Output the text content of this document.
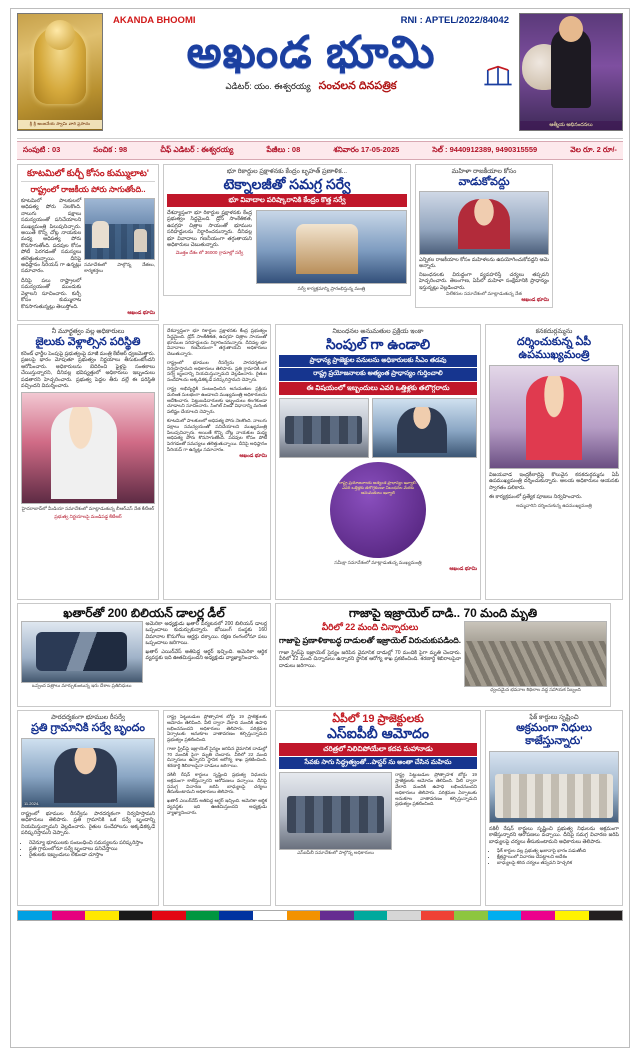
శ్రీ శ్రీ ఆంజనేయ స్వామి వారి ప్రసాదం
AKANDA BHOOMI	RNI : APTEL/2022/84042
అఖండ భూమి
ఎడిటర్: యం. ఈశ్వరయ్య సంచలన దినపత్రిక
ఆత్మీయ అభినందనలు
సంపుటి : 03	సంచిక : 98	చీఫ్ ఎడిటర్ : ఈశ్వరయ్య	పేజీలు : 08	శనివారం 17-05-2025	సెల్ : 9440912389, 9490315559	వెల రూ. 2 రూ/-
కూటమిలో కుర్చీ కోసం కుమ్ములాట'
రాష్ట్రంలో రాజకీయ పోరు సాగుతోంది..
కూటమిలో పాలకులలో ఆధిపత్య పోరు నెలకొంది. నాలుగు పక్షాలు సమన్వయంతో పనిచేయాలని ముఖ్యమంత్రి పిలుపునిచ్చారు. అయితే కొన్ని చోట్ల నాయకుల మధ్య ఆధిపత్య పోరు కొనసాగుతోంది. పదవుల కోసం పోటీ పెరగడంతో సమస్యలు తలెత్తుతున్నాయి. దీనిపై అధిష్ఠానం సీరియస్ గా ఉన్నట్లు సమాచారం.
దీనిపై పలు రాష్ట్రాలలో సమన్వయంతో ముందుకు వెళ్లాలని సూచించారు. కుర్చీ కోసం కుమ్ములాట కొనసాగుతున్నట్లు తెలుస్తోంది.
సమావేశంలో పాల్గొన్న నేతలు, కార్యకర్తలు
ఆఖండ భూమి
భూ రికార్డుల ప్రక్షాళనకు కేంద్రం బృహత్ ప్రణాళిక...
టెక్నాలజీతో సమగ్ర సర్వే
భూ వివాదాల పరిష్కారానికి కేంద్రం కొత్త సర్వే
దేశవ్యాప్తంగా భూ రికార్డుల ప్రక్షాళనకు కేంద్ర ప్రభుత్వం సిద్ధమైంది. డ్రోన్ సాంకేతికత, ఉపగ్రహ చిత్రాల సాయంతో భూముల సరిహద్దులను నిర్ధారించనున్నారు. దీనివల్ల భూ వివాదాలు గణనీయంగా తగ్గుతాయని అధికారులు చెబుతున్నారు.
మొత్తం దేశం లో 36000 గ్రామాల్లో సర్వే
సర్వే కార్యక్రమాన్ని ప్రారంభిస్తున్న మంత్రి
మహిళా రాజకీయాల కోసం
వాడుకోవద్దు
ఎన్నికల రాజకీయాల కోసం మహిళలను ఉపయోగించుకోవద్దని ఆమె అన్నారు.
నిబంధనలకు విరుద్ధంగా వ్యవహరిస్తే చర్యలు తప్పవని హెచ్చరించారు. తెలంగాణ, ఏపీలో మహిళా సంక్షేమానికి ప్రాధాన్యం ఇస్తున్నట్లు వెల్లడించారు.
విలేకరుల సమావేశంలో మాట్లాడుతున్న నేత
ఆఖండ భూమి
నీ మూర్ఖత్వం వల్ల అధికారులు
జైలుకు వెళ్లాల్సిన పరిస్థితి
కరెంట్ ఛార్జీల పెంపుపై ప్రభుత్వంపై మాజీ మంత్రి కేటీఆర్ ధ్వజమెత్తారు. ప్రజలపై భారం మోపుతూ ప్రభుత్వం నిర్ణయాలు తీసుకుంటోందని ఆరోపించారు. అధికారులను బెదిరించి ఫైళ్లపై సంతకాలు చేయిస్తున్నారని, దీనివల్ల భవిష్యత్తులో అధికారులు ఇబ్బందులు పడతారని హెచ్చరించారు. ప్రభుత్వ పెద్దల తీరు వల్లే ఈ పరిస్థితి వచ్చిందని విమర్శించారు.
హైదరాబాద్‌లో మీడియా సమావేశంలో మాట్లాడుతున్న బీఆర్ఎస్ నేత కేటీఆర్
ప్రభుత్వ నిర్ణయాలపై మండిపడ్డ కేటీఆర్
దేశవ్యాప్తంగా భూ రికార్డుల ప్రక్షాళనకు కేంద్ర ప్రభుత్వం సిద్ధమైంది. డ్రోన్ సాంకేతికత, ఉపగ్రహ చిత్రాల సాయంతో భూముల సరిహద్దులను నిర్ధారించనున్నారు. దీనివల్ల భూ వివాదాలు గణనీయంగా తగ్గుతాయని అధికారులు చెబుతున్నారు.
రాష్ట్రంలో భూముల రీసర్వేను పారదర్శకంగా నిర్వహిస్తామని అధికారులు తెలిపారు. ప్రతి గ్రామానికి ఒక సర్వే బృందాన్ని నియమిస్తున్నామని వెల్లడించారు. రైతుల సందేహాలను అక్కడికక్కడే పరిష్కరిస్తామని చెప్పారు.
రాష్ట్ర అభివృద్ధికి సంబంధించిన అనుమతుల ప్రక్రియ మరింత సులభంగా ఉండాలని ముఖ్యమంత్రి అధికారులను ఆదేశించారు. పెట్టుబడిదారులకు ఇబ్బందులు కలగకుండా చూడాలని సూచించారు. సింగిల్ విండో విధానాన్ని మరింత పటిష్టం చేయాలని చెప్పారు.
కూటమిలో పాలకులలో ఆధిపత్య పోరు నెలకొంది. నాలుగు పక్షాలు సమన్వయంతో పనిచేయాలని ముఖ్యమంత్రి పిలుపునిచ్చారు. అయితే కొన్ని చోట్ల నాయకుల మధ్య ఆధిపత్య పోరు కొనసాగుతోంది. పదవుల కోసం పోటీ పెరగడంతో సమస్యలు తలెత్తుతున్నాయి. దీనిపై అధిష్ఠానం సీరియస్ గా ఉన్నట్లు సమాచారం.
ఆఖండ భూమి
నిబంధనల అనుమతుల ప్రక్రియ ఇంకా
సింపుల్ గా ఉండాలి
ప్రాధాన్య ప్రాజెక్టుల పనులను అధికారులకు సీఎం తడవు
రాష్ట్ర ప్రయోజనాలకు అత్యంత ప్రాధాన్యం గుర్తించాలి
ఈ విషయంలో ఇబ్బందులు ఎవరి ఒత్తిళ్లకు తలొగ్గరాదు
రాష్ట్ర ప్రయోజనాలకు అత్యంత ప్రాధాన్యం ఇవ్వాలి. ఎవరి ఒత్తిళ్లకు తలొగ్గకుండా నిబంధనల మేరకు అనుమతులు ఇవ్వాలి
సమీక్షా సమావేశంలో మాట్లాడుతున్న ముఖ్యమంత్రి
ఆఖండ భూమి
కనకదుర్గమ్మను
దర్శించుకున్న ఏపీ ఉపముఖ్యమంత్రి
విజయవాడ ఇంద్రకీలాద్రిపై కొలువైన కనకదుర్గమ్మను ఏపీ ఉపముఖ్యమంత్రి దర్శించుకున్నారు. ఆలయ అధికారులు ఆయనకు స్వాగతం పలికారు.
ఈ కార్యక్రమంలో ప్రత్యేక పూజలు నిర్వహించారు.
అమ్మవారిని దర్శించుకున్న ఉపముఖ్యమంత్రి
ఖతార్‌తో 200 బిలియన్ డాలర్ల డీల్
ఒప్పంద పత్రాలు మార్చుకుంటున్న ఇరు దేశాల ప్రతినిధులు
అమెరికా అధ్యక్షుడు ఖతార్ పర్యటనలో 200 బిలియన్ డాలర్ల ఒప్పందాలు కుదుర్చుకున్నారు. బోయింగ్ సంస్థకు 160 విమానాల కొనుగోలు ఆర్డర్లు దక్కాయి. రక్షణ రంగంలోనూ పలు ఒప్పందాలు జరిగాయి.
ఖతార్ ఎయిర్‌వేస్ అతిపెద్ద ఆర్డర్ ఇచ్చింది. అమెరికా ఆర్థిక వ్యవస్థకు ఇది ఊతమిస్తుందని అధ్యక్షుడు వ్యాఖ్యానించారు.
గాజాపై ఇజ్రాయెల్ దాడి.. 70 మంది మృతి
వీరిలో 22 మంది చిన్నారులు
గాజాపై ప్రణాళికాబద్ధ దాడులతో ఇజ్రాయెల్ విరుచుకుపడింది.
గాజా స్ట్రిప్‌పై ఇజ్రాయెల్ సైన్యం జరిపిన వైమానిక దాడుల్లో 70 మందికి పైగా మృతి చెందారు. వీరిలో 22 మంది చిన్నారులు ఉన్నారని స్థానిక ఆరోగ్య శాఖ ప్రకటించింది. శరణార్థి శిబిరాలపైనా దాడులు జరిగాయి.
ధ్వంసమైన భవనాల శిథిలాల వద్ద సహాయక సిబ్బంది
పారదర్శకంగా భూముల రీసర్వే
ప్రతి గ్రామానికి సర్వే బృందం
11.2024.
రాష్ట్రంలో భూముల రీసర్వేను పారదర్శకంగా నిర్వహిస్తామని అధికారులు తెలిపారు. ప్రతి గ్రామానికి ఒక సర్వే బృందాన్ని నియమిస్తున్నామని వెల్లడించారు. రైతుల సందేహాలను అక్కడికక్కడే పరిష్కరిస్తామని చెప్పారు.
• రెవెన్యూ భూములకు సంబంధించి సమస్యలను పరిష్కరిస్తాం
• ప్రతి గ్రామంలోనూ సర్వే బృందాలు పనిచేస్తాయి
• రైతులకు ఇబ్బందులు లేకుండా చూస్తాం
రాష్ట్ర పెట్టుబడుల ప్రోత్సాహక బోర్డు 19 ప్రాజెక్టులకు ఆమోదం తెలిపింది. వీటి ద్వారా వేలాది మందికి ఉపాధి లభించనుందని అధికారులు తెలిపారు. పరిశ్రమల ఏర్పాటుకు అనుకూల వాతావరణం కల్పిస్తున్నామని ప్రభుత్వం ప్రకటించింది.
గాజా స్ట్రిప్‌పై ఇజ్రాయెల్ సైన్యం జరిపిన వైమానిక దాడుల్లో 70 మందికి పైగా మృతి చెందారు. వీరిలో 22 మంది చిన్నారులు ఉన్నారని స్థానిక ఆరోగ్య శాఖ ప్రకటించింది. శరణార్థి శిబిరాలపైనా దాడులు జరిగాయి.
నకిలీ రేషన్ కార్డులు సృష్టించి ప్రభుత్వ నిధులను అక్రమంగా కాజేస్తున్నారని ఆరోపణలు వచ్చాయి. దీనిపై సమగ్ర విచారణ జరిపి బాధ్యులపై చర్యలు తీసుకుంటామని అధికారులు తెలిపారు.
ఖతార్ ఎయిర్‌వేస్ అతిపెద్ద ఆర్డర్ ఇచ్చింది. అమెరికా ఆర్థిక వ్యవస్థకు ఇది ఊతమిస్తుందని అధ్యక్షుడు వ్యాఖ్యానించారు.
ఏపీలో 19 ప్రాజెక్టులకు
ఎస్ఐపీబీ ఆమోదం
చరిత్రలో నిలిచిపోయేలా కదప మహానాడు
సేవకు సాగు సిద్ధ్రత్వంతో...పాస్టర్ ను అంతా చేసిన మహిమ
ఎస్ఐపీబీ సమావేశంలో పాల్గొన్న అధికారులు
రాష్ట్ర పెట్టుబడుల ప్రోత్సాహక బోర్డు 19 ప్రాజెక్టులకు ఆమోదం తెలిపింది. వీటి ద్వారా వేలాది మందికి ఉపాధి లభించనుందని అధికారులు తెలిపారు. పరిశ్రమల ఏర్పాటుకు అనుకూల వాతావరణం కల్పిస్తున్నామని ప్రభుత్వం ప్రకటించింది.
ఫేక్ కార్డులు సృష్టించి
అక్రమంగా నిధులు కాజేస్తున్నారు'
నకిలీ రేషన్ కార్డులు సృష్టించి ప్రభుత్వ నిధులను అక్రమంగా కాజేస్తున్నారని ఆరోపణలు వచ్చాయి. దీనిపై సమగ్ర విచారణ జరిపి బాధ్యులపై చర్యలు తీసుకుంటామని అధికారులు తెలిపారు.
• ఫేక్ కార్డుల వల్ల ప్రభుత్వ ఖజానాపై భారం పడుతోంది
• క్షేత్రస్థాయిలో విచారణ చేపట్టాలని ఆదేశం
• బాధ్యులపై కఠిన చర్యలు తప్పవని హెచ్చరిక
